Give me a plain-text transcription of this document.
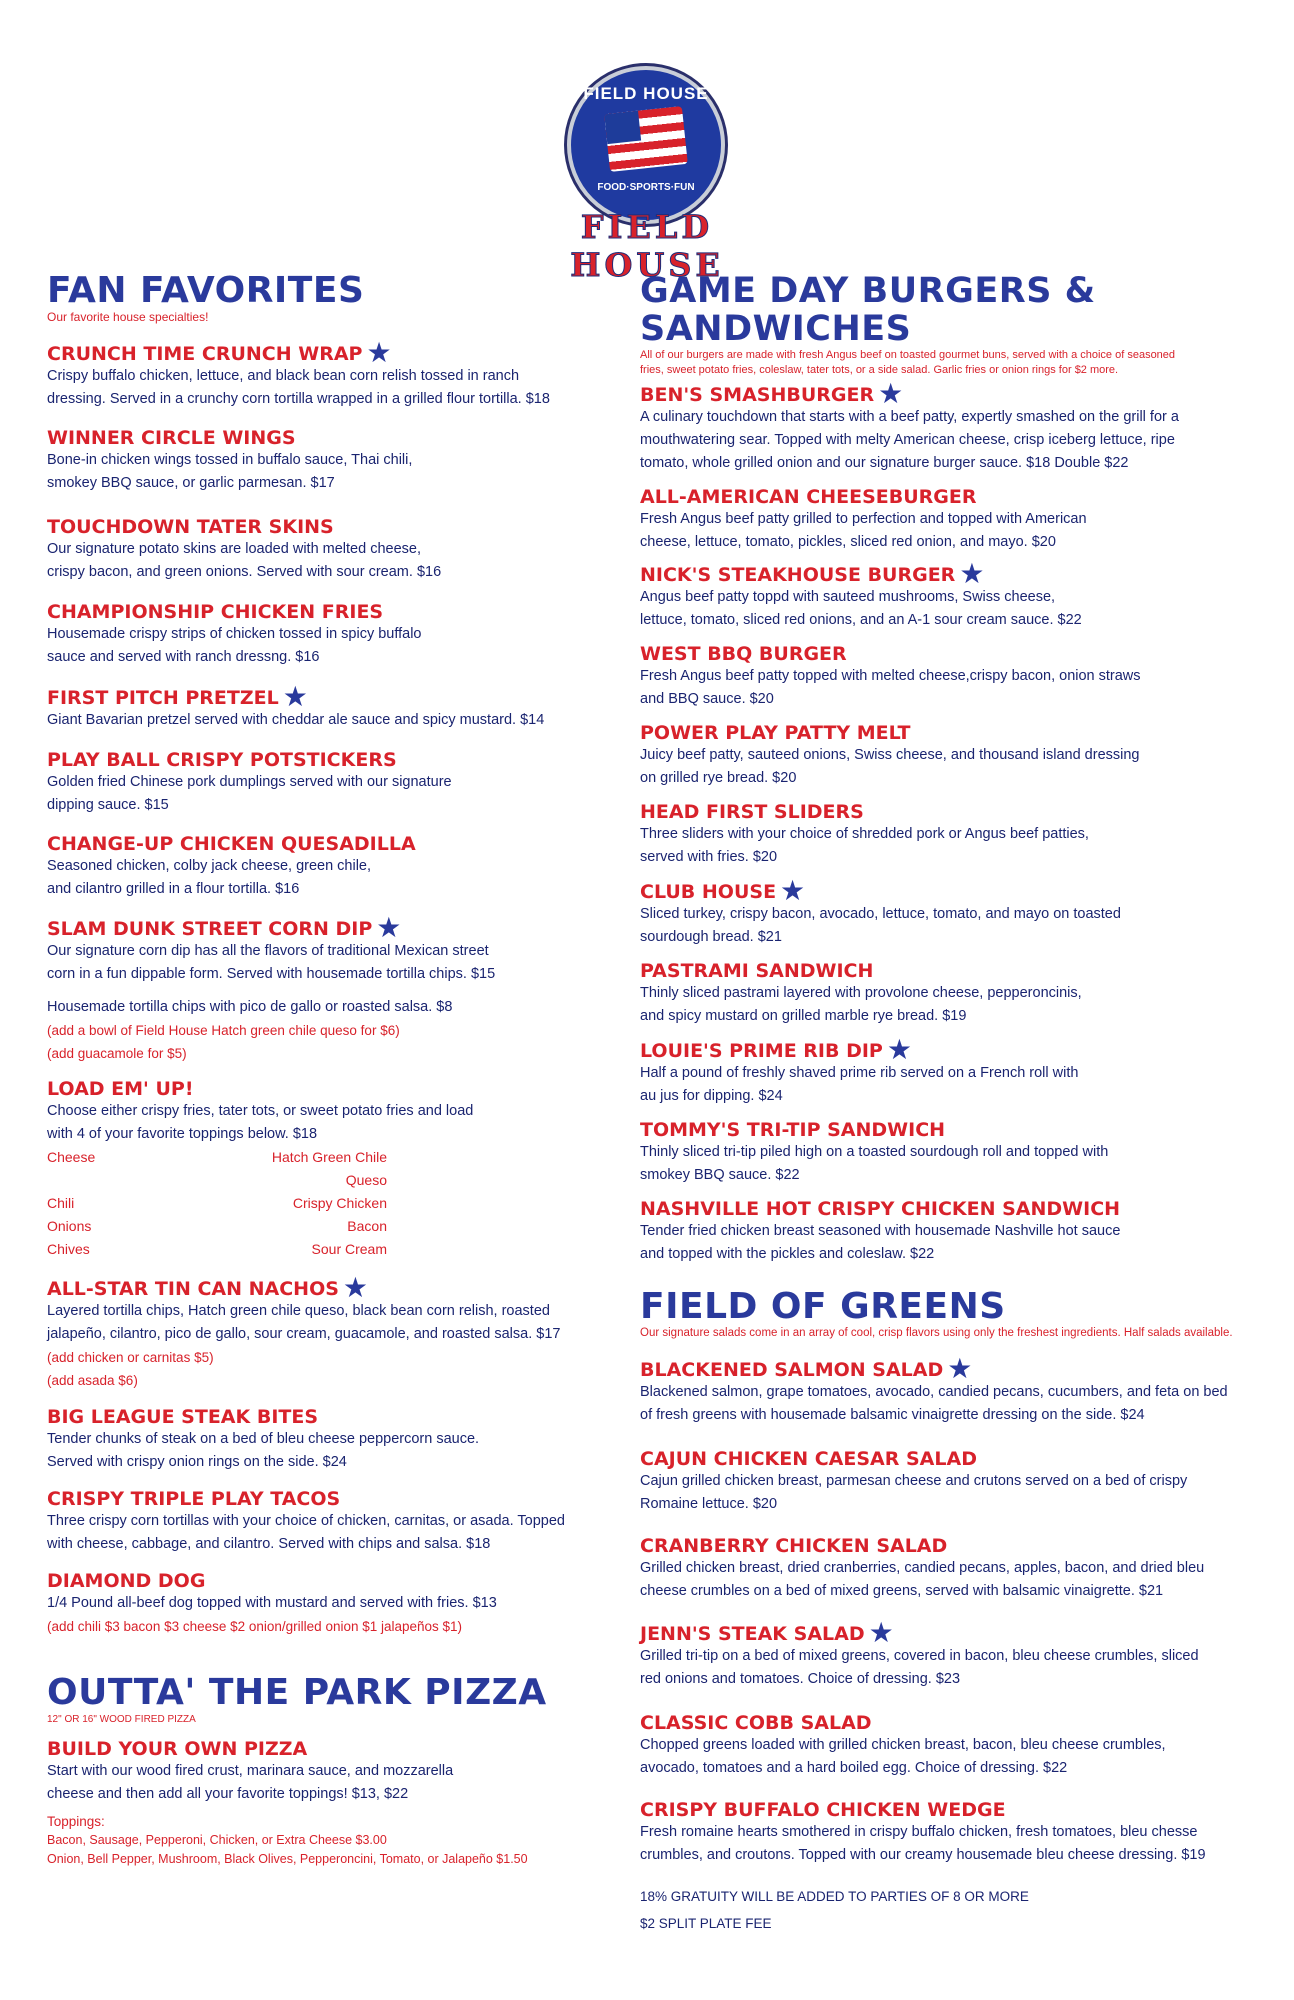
FIELD HOUSE
FOOD·SPORTS·FUN
FIELD HOUSE
FAN FAVORITES

Our favorite house specialties!

CRUNCH TIME CRUNCH WRAP ★

Crispy buffalo chicken, lettuce, and black bean corn relish tossed in ranch

dressing. Served in a crunchy corn tortilla wrapped in a grilled flour tortilla. $18

WINNER CIRCLE WINGS

Bone-in chicken wings tossed in buffalo sauce, Thai chili,

smokey BBQ sauce, or garlic parmesan. $17

TOUCHDOWN TATER SKINS

Our signature potato skins are loaded with melted cheese,

crispy bacon, and green onions. Served with sour cream. $16

CHAMPIONSHIP CHICKEN FRIES

Housemade crispy strips of chicken tossed in spicy buffalo

sauce and served with ranch dressng. $16

FIRST PITCH PRETZEL ★

Giant Bavarian pretzel served with cheddar ale sauce and spicy mustard. $14

PLAY BALL CRISPY POTSTICKERS

Golden fried Chinese pork dumplings served with our signature

dipping sauce. $15

CHANGE-UP CHICKEN QUESADILLA

Seasoned chicken, colby jack cheese, green chile,

and cilantro grilled in a flour tortilla. $16

SLAM DUNK STREET CORN DIP ★

Our signature corn dip has all the flavors of traditional Mexican street

corn in a fun dippable form. Served with housemade tortilla chips. $15

Housemade tortilla chips with pico de gallo or roasted salsa. $8

(add a bowl of Field House Hatch green chile queso for $6)

(add guacamole for $5)

LOAD EM' UP!

Choose either crispy fries, tater tots, or sweet potato fries and load

with 4 of your favorite toppings below. $18

Cheese	Hatch Green Chile Queso
Chili	Crispy Chicken
Onions	Bacon
Chives	Sour Cream
ALL-STAR TIN CAN NACHOS ★

Layered tortilla chips, Hatch green chile queso, black bean corn relish, roasted

jalapeño, cilantro, pico de gallo, sour cream, guacamole, and roasted salsa. $17

(add chicken or carnitas $5)

(add asada $6)

BIG LEAGUE STEAK BITES

Tender chunks of steak on a bed of bleu cheese peppercorn sauce.

Served with crispy onion rings on the side. $24

CRISPY TRIPLE PLAY TACOS

Three crispy corn tortillas with your choice of chicken, carnitas, or asada. Topped

with cheese, cabbage, and cilantro. Served with chips and salsa. $18

DIAMOND DOG

1/4 Pound all-beef dog topped with mustard and served with fries. $13

(add chili $3 bacon $3 cheese $2 onion/grilled onion $1 jalapeños $1)

OUTTA' THE PARK PIZZA

12" OR 16" WOOD FIRED PIZZA

BUILD YOUR OWN PIZZA

Start with our wood fired crust, marinara sauce, and mozzarella

cheese and then add all your favorite toppings! $13, $22

Toppings:

Bacon, Sausage, Pepperoni, Chicken, or Extra Cheese $3.00

Onion, Bell Pepper, Mushroom, Black Olives, Pepperoncini, Tomato, or Jalapeño $1.50

GAME DAY BURGERS & SANDWICHES

All of our burgers are made with fresh Angus beef on toasted gourmet buns, served with a choice of seasoned

fries, sweet potato fries, coleslaw, tater tots, or a side salad. Garlic fries or onion rings for $2 more.

BEN'S SMASHBURGER ★

A culinary touchdown that starts with a beef patty, expertly smashed on the grill for a

mouthwatering sear. Topped with melty American cheese, crisp iceberg lettuce, ripe

tomato, whole grilled onion and our signature burger sauce. $18 Double $22

ALL-AMERICAN CHEESEBURGER

Fresh Angus beef patty grilled to perfection and topped with American

cheese, lettuce, tomato, pickles, sliced red onion, and mayo. $20

NICK'S STEAKHOUSE BURGER ★

Angus beef patty toppd with sauteed mushrooms, Swiss cheese,

lettuce, tomato, sliced red onions, and an A-1 sour cream sauce. $22

WEST BBQ BURGER

Fresh Angus beef patty topped with melted cheese,crispy bacon, onion straws

and BBQ sauce. $20

POWER PLAY PATTY MELT

Juicy beef patty, sauteed onions, Swiss cheese, and thousand island dressing

on grilled rye bread. $20

HEAD FIRST SLIDERS

Three sliders with your choice of shredded pork or Angus beef patties,

served with fries. $20

CLUB HOUSE ★

Sliced turkey, crispy bacon, avocado, lettuce, tomato, and mayo on toasted

sourdough bread. $21

PASTRAMI SANDWICH

Thinly sliced pastrami layered with provolone cheese, pepperoncinis,

and spicy mustard on grilled marble rye bread. $19

LOUIE'S PRIME RIB DIP ★

Half a pound of freshly shaved prime rib served on a French roll with

au jus for dipping. $24

TOMMY'S TRI-TIP SANDWICH

Thinly sliced tri-tip piled high on a toasted sourdough roll and topped with

smokey BBQ sauce. $22

NASHVILLE HOT CRISPY CHICKEN SANDWICH

Tender fried chicken breast seasoned with housemade Nashville hot sauce

and topped with the pickles and coleslaw. $22

FIELD OF GREENS

Our signature salads come in an array of cool, crisp flavors using only the freshest ingredients. Half salads available.

BLACKENED SALMON SALAD ★

Blackened salmon, grape tomatoes, avocado, candied pecans, cucumbers, and feta on bed

of fresh greens with housemade balsamic vinaigrette dressing on the side. $24

CAJUN CHICKEN CAESAR SALAD

Cajun grilled chicken breast, parmesan cheese and crutons served on a bed of crispy

Romaine lettuce. $20

CRANBERRY CHICKEN SALAD

Grilled chicken breast, dried cranberries, candied pecans, apples, bacon, and dried bleu

cheese crumbles on a bed of mixed greens, served with balsamic vinaigrette. $21

JENN'S STEAK SALAD ★

Grilled tri-tip on a bed of mixed greens, covered in bacon, bleu cheese crumbles, sliced

red onions and tomatoes. Choice of dressing. $23

CLASSIC COBB SALAD

Chopped greens loaded with grilled chicken breast, bacon, bleu cheese crumbles,

avocado, tomatoes and a hard boiled egg. Choice of dressing. $22

CRISPY BUFFALO CHICKEN WEDGE

Fresh romaine hearts smothered in crispy buffalo chicken, fresh tomatoes, bleu chesse

crumbles, and croutons. Topped with our creamy housemade bleu cheese dressing. $19

18% GRATUITY WILL BE ADDED TO PARTIES OF 8 OR MORE

$2 SPLIT PLATE FEE
